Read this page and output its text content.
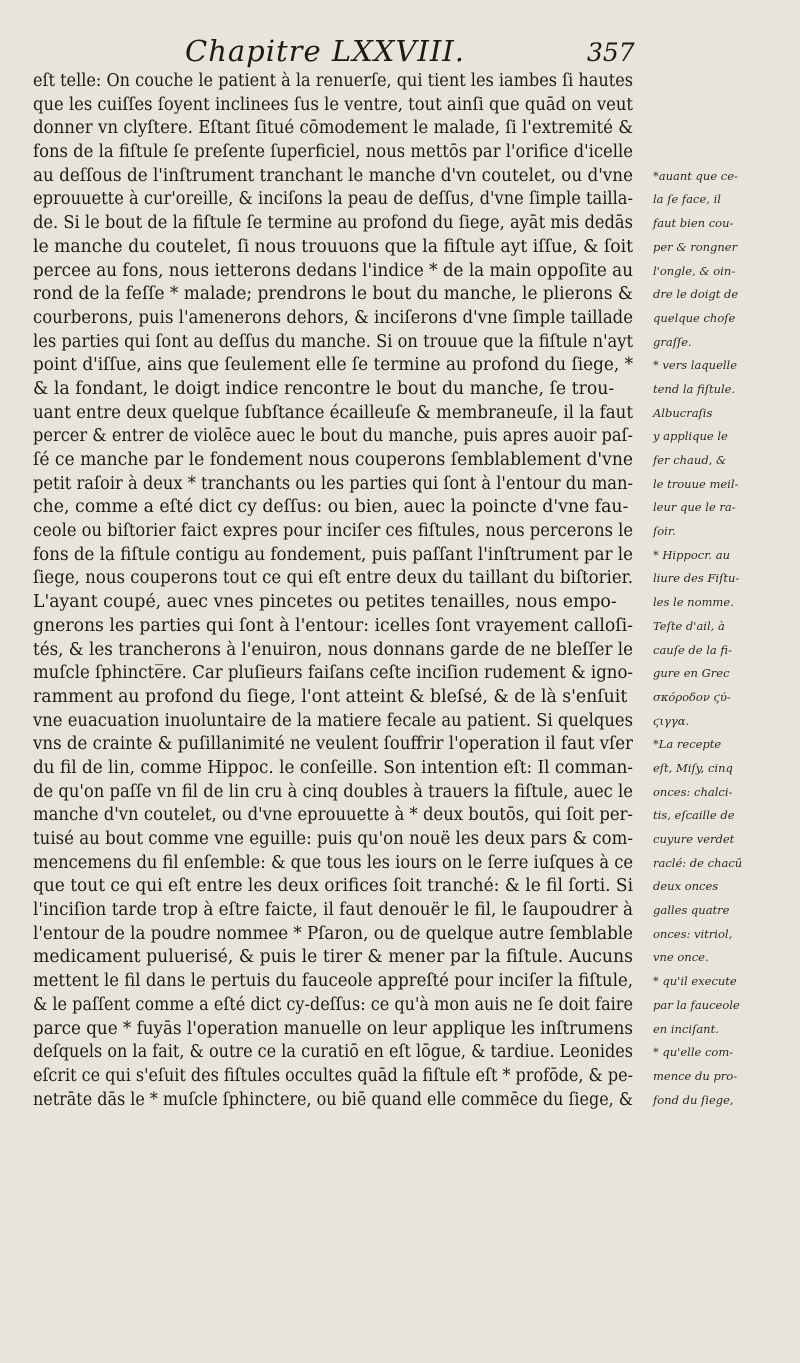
Chapitre LXXVIII.	357
eſt telle: On couche le patient à la renuerſe, qui tient les iambes ſi hautes
que les cuiſſes ſoyent inclinees ſus le ventre, tout ainſi que quād on veut
donner vn clyſtere. Eſtant ſitué cōmodement le malade, ſi l'extremité &
fons de la fiſtule ſe preſente ſuperficiel, nous mettōs par l'orifice d'icelle
au deſſous de l'inſtrument tranchant le manche d'vn coutelet, ou d'vne *auant que ce-
eprouuette à cur'oreille, & inciſons la peau de deſſus, d'vne ſimple tailla- la ſe face, il
de. Si le bout de la fiſtule ſe termine au profond du ſiege, ayāt mis dedās faut bien cou-
le manche du coutelet, ſi nous trouuons que la fiſtule ayt iſſue, & ſoit per & rongner
percee au fons, nous ietterons dedans l'indice * de la main oppoſite au l'ongle, & oin-
rond de la feſſe * malade; prendrons le bout du manche, le plierons & dre le doigt de
courberons, puis l'amenerons dehors, & inciſerons d'vne ſimple taillade quelque choſe
les parties qui ſont au deſſus du manche. Si on trouue que la fiſtule n'ayt graſſe.
point d'iſſue, ains que ſeulement elle ſe termine au profond du ſiege, * * vers laquelle
& la fondant, le doigt indice rencontre le bout du manche, ſe trou-	tend la fiſtule.
uant entre deux quelque ſubſtance écailleuſe & membraneuſe, il la faut Albucraſis
percer & entrer de violēce auec le bout du manche, puis apres auoir paſ- y applique le
ſé ce manche par le fondement nous couperons ſemblablement d'vne fer chaud, &
petit raſoir à deux * tranchants ou les parties qui ſont à l'entour du man- le trouue meil-
che, comme a eſté dict cy deſſus: ou bien, auec la poincte d'vne fau- leur que le ra-
ceole ou biſtorier faict expres pour inciſer ces fiſtules, nous percerons le ſoir.
fons de la fiſtule contigu au fondement, puis paſſant l'inſtrument par le * Hippocr. au
ſiege, nous couperons tout ce qui eſt entre deux du taillant du biſtorier. liure des Fiſtu-
L'ayant coupé, auec vnes pincetes ou petites tenailles, nous empo-	les le nomme.
gnerons les parties qui ſont à l'entour: icelles ſont vrayement calloſi- Teſte d'ail, à
tés, & les trancherons à l'enuiron, nous donnans garde de ne bleſſer le cauſe de la fi-
muſcle ſphincte̅re. Car pluſieurs faiſans ceſte inciſion rudement & igno- gure en Grec
ramment au profond du ſiege, l'ont atteint & bleſsé, & de là s'enſuit σκόροδον ϛύ-
vne euacuation inuoluntaire de la matiere fecale au patient. Si quelques ϛιγγα.
vns de crainte & puſillanimité ne veulent ſouffrir l'operation il faut vſer *La recepte
du fil de lin, comme Hippoc. le conſeille. Son intention eſt: Il comman- eſt, Miſy, cinq
de qu'on paſſe vn fil de lin cru à cinq doubles à trauers la fiſtule, auec le onces: chalci-
manche d'vn coutelet, ou d'vne eprouuette à * deux boutōs, qui ſoit per- tis, eſcaille de
tuisé au bout comme vne eguille: puis qu'on nouë les deux pars & com- cuyure verdet
mencemens du fil enſemble: & que tous les iours on le ſerre iuſques à ce raclé: de chacū
que tout ce qui eſt entre les deux orifices ſoit tranché: & le fil ſorti. Si deux onces
l'inciſion tarde trop à eſtre faicte, il faut denouër le fil, le ſaupoudrer à galles quatre
l'entour de la poudre nommee * Pſaron, ou de quelque autre ſemblable onces: vitriol,
medicament puluerisé, & puis le tirer & mener par la fiſtule. Aucuns vne once.
mettent le fil dans le pertuis du fauceole appreſté pour inciſer la fiſtule, * qu'il execute
& le paſſent comme a eſté dict cy-deſſus: ce qu'à mon auis ne ſe doit faire par la fauceole
parce que * fuyās l'operation manuelle on leur applique les inſtrumens en inciſant.
deſquels on la fait, & outre ce la curatiō en eſt lōgue, & tardiue. Leonides * qu'elle com-
eſcrit ce qui s'eſuit des fiſtules occultes quād la fiſtule eſt * profōde, & pe- mence du pro-
netrāte dās le * muſcle ſphinctere, ou biē quand elle commēce du ſiege, & fond du ſiege,
